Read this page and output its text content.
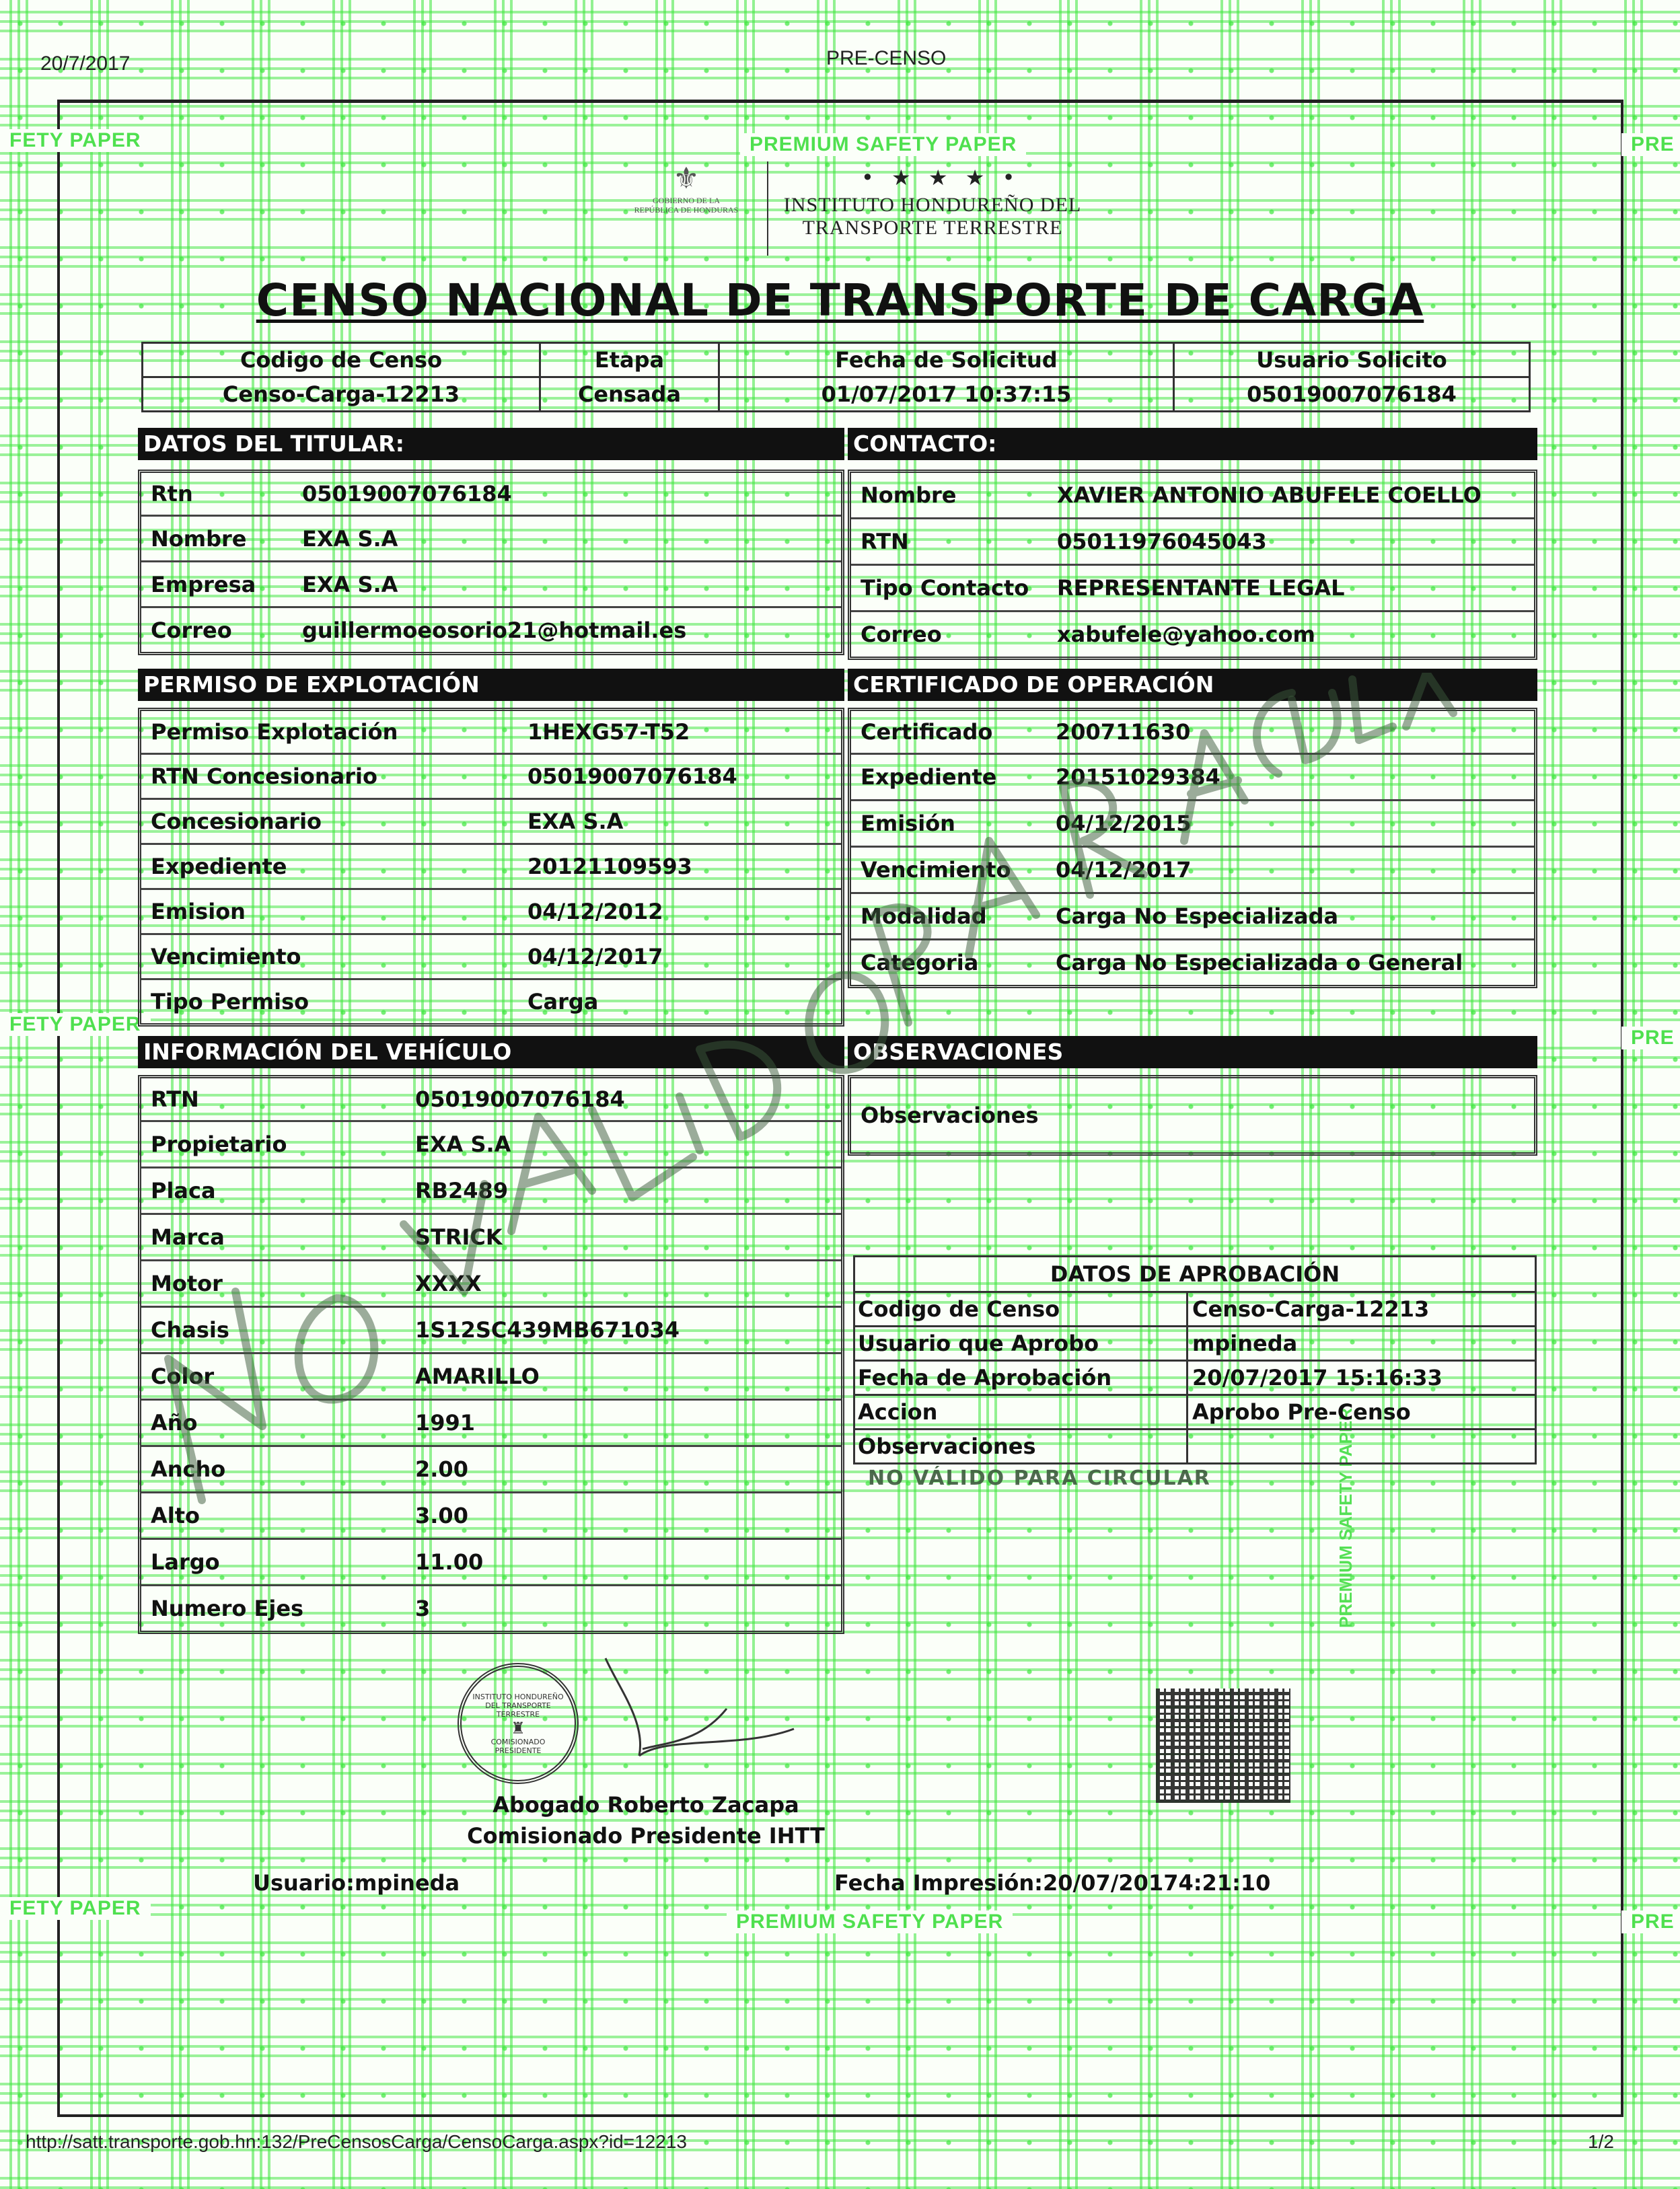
20/7/2017	PRE-CENSO
FETY PAPER	PREMIUM SAFETY PAPER	PRE
FETY PAPER
PRE
FETY PAPER
PREMIUM SAFETY PAPER	PRE
PREMIUM SAFETY PAPER
⚜
GOBIERNO DE LA
REPÚBLICA DE HONDURAS
• ★ ★ ★ •
INSTITUTO HONDUREÑO DEL
TRANSPORTE TERRESTRE
CENSO NACIONAL DE TRANSPORTE DE CARGA
Codigo de Censo	Etapa	Fecha de Solicitud	Usuario Solicito
Censo-Carga-12213	Censada	01/07/2017 10:37:15	05019007076184
DATOS DEL TITULAR:
Rtn	05019007076184
Nombre	EXA S.A
Empresa	EXA S.A
Correo	guillermoeosorio21@hotmail.es
CONTACTO:
Nombre	XAVIER ANTONIO ABUFELE COELLO
RTN	05011976045043
Tipo Contacto	REPRESENTANTE LEGAL
Correo	xabufele@yahoo.com
PERMISO DE EXPLOTACIÓN
Permiso Explotación	1HEXG57-T52
RTN Concesionario	05019007076184
Concesionario	EXA S.A
Expediente	20121109593
Emision	04/12/2012
Vencimiento	04/12/2017
Tipo Permiso	Carga
CERTIFICADO DE OPERACIÓN
Certificado	200711630
Expediente	20151029384
Emisión	04/12/2015
Vencimiento	04/12/2017
Modalidad	Carga No Especializada
Categoria	Carga No Especializada o General
INFORMACIÓN DEL VEHÍCULO
RTN	05019007076184
Propietario	EXA S.A
Placa	RB2489
Marca	STRICK
Motor	XXXX
Chasis	1S12SC439MB671034
Color	AMARILLO
Año	1991
Ancho	2.00
Alto	3.00
Largo	11.00
Numero Ejes	3
OBSERVACIONES
Observaciones
DATOS DE APROBACIÓN
Codigo de Censo	Censo-Carga-12213
Usuario que Aprobo	mpineda
Fecha de Aprobación	20/07/2017 15:16:33
Accion	Aprobo Pre-Censo
Observaciones
NO VÁLIDO PARA CIRCULAR
INSTITUTO HONDUREÑO DEL TRANSPORTE TERRESTRE
♜
COMISIONADO PRESIDENTE
Abogado Roberto Zacapa
Comisionado Presidente IHTT
Usuario:mpineda	Fecha Impresión:20/07/20174:21:10
http://satt.transporte.gob.hn:132/PreCensosCarga/CensoCarga.aspx?id=12213	1/2
